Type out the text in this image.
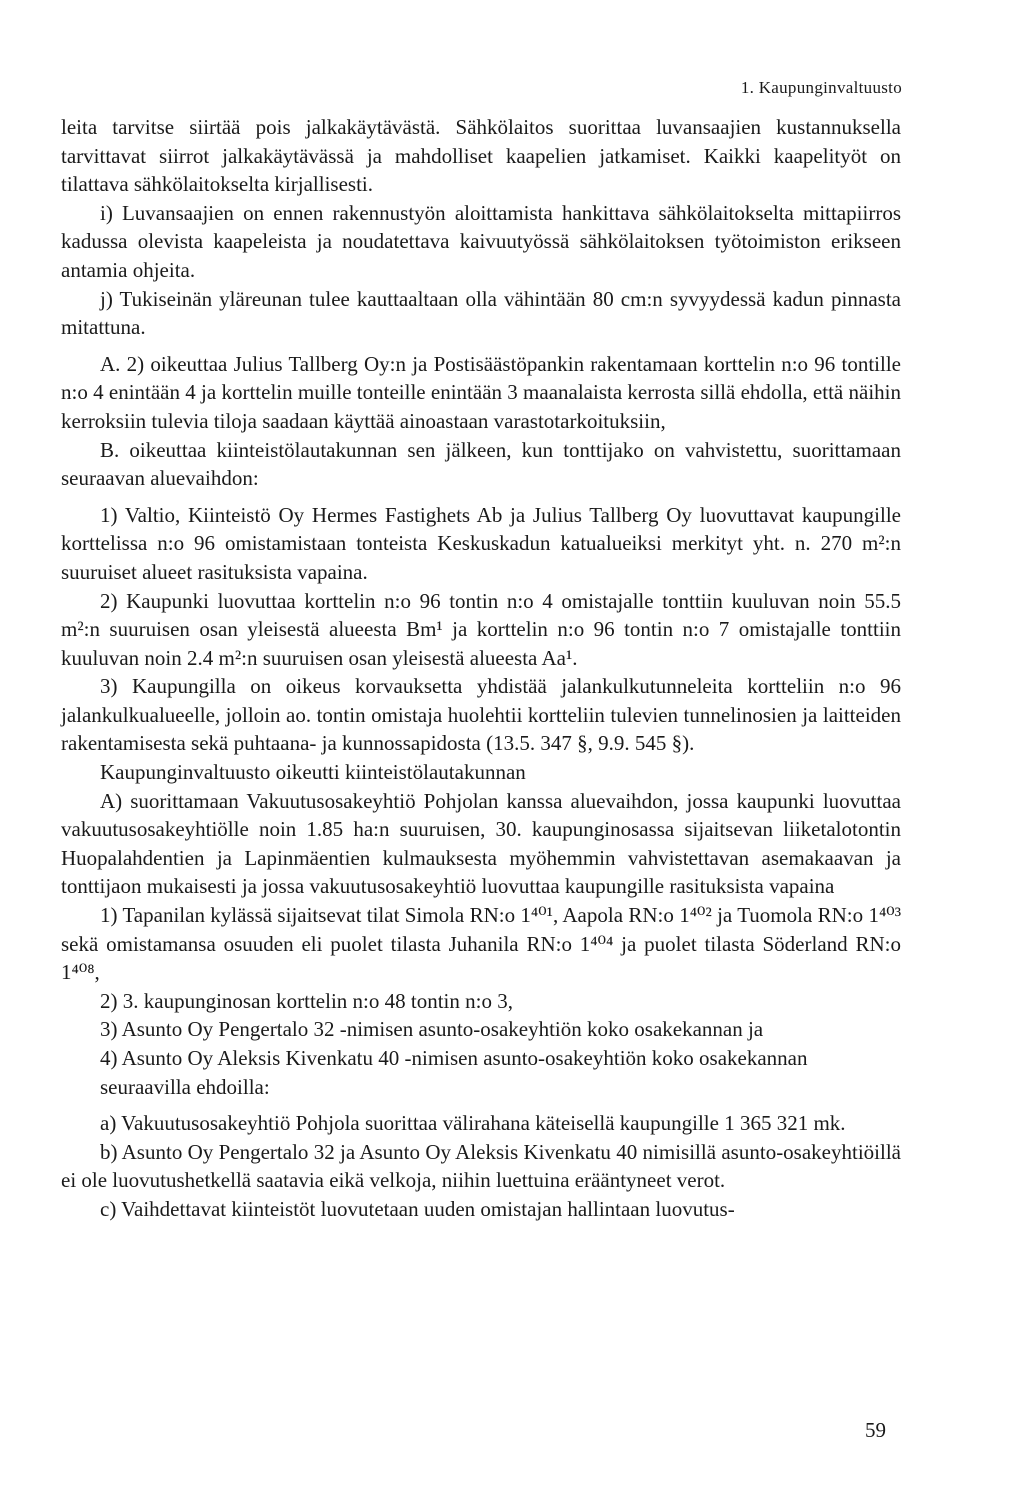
1. Kaupunginvaltuusto

leita tarvitse siirtää pois jalkakäytävästä. Sähkölaitos suorittaa luvansaajien kustannuksella tarvittavat siirrot jalkakäytävässä ja mahdolliset kaapelien jatkamiset. Kaikki kaapelityöt on tilattava sähkölaitokselta kirjallisesti.

i) Luvansaajien on ennen rakennustyön aloittamista hankittava sähkölaitokselta mittapiirros kadussa olevista kaapeleista ja noudatettava kaivuutyössä sähkölaitoksen työtoimiston erikseen antamia ohjeita.

j) Tukiseinän yläreunan tulee kauttaaltaan olla vähintään 80 cm:n syvyydessä kadun pinnasta mitattuna.

A. 2) oikeuttaa Julius Tallberg Oy:n ja Postisäästöpankin rakentamaan korttelin n:o 96 tontille n:o 4 enintään 4 ja korttelin muille tonteille enintään 3 maanalaista kerrosta sillä ehdolla, että näihin kerroksiin tulevia tiloja saadaan käyttää ainoastaan varastotarkoituksiin,

B. oikeuttaa kiinteistölautakunnan sen jälkeen, kun tonttijako on vahvistettu, suorittamaan seuraavan aluevaihdon:

1) Valtio, Kiinteistö Oy Hermes Fastighets Ab ja Julius Tallberg Oy luovuttavat kaupungille korttelissa n:o 96 omistamistaan tonteista Keskuskadun katualueiksi merkityt yht. n. 270 m²:n suuruiset alueet rasituksista vapaina.

2) Kaupunki luovuttaa korttelin n:o 96 tontin n:o 4 omistajalle tonttiin kuuluvan noin 55.5 m²:n suuruisen osan yleisestä alueesta Bm¹ ja korttelin n:o 96 tontin n:o 7 omistajalle tonttiin kuuluvan noin 2.4 m²:n suuruisen osan yleisestä alueesta Aa¹.

3) Kaupungilla on oikeus korvauksetta yhdistää jalankulkutunneleita kortteliin n:o 96 jalankulkualueelle, jolloin ao. tontin omistaja huolehtii kortteliin tulevien tunnelinosien ja laitteiden rakentamisesta sekä puhtaana- ja kunnossapidosta (13.5. 347 §, 9.9. 545 §).

Kaupunginvaltuusto oikeutti kiinteistölautakunnan

A) suorittamaan Vakuutusosakeyhtiö Pohjolan kanssa aluevaihdon, jossa kaupunki luovuttaa vakuutusosakeyhtiölle noin 1.85 ha:n suuruisen, 30. kaupunginosassa sijaitsevan liiketalotontin Huopalahdentien ja Lapinmäentien kulmauksesta myöhemmin vahvistettavan asemakaavan ja tonttijaon mukaisesti ja jossa vakuutusosakeyhtiö luovuttaa kaupungille rasituksista vapaina

1) Tapanilan kylässä sijaitsevat tilat Simola RN:o 1⁴⁰¹, Aapola RN:o 1⁴⁰² ja Tuomola RN:o 1⁴⁰³ sekä omistamansa osuuden eli puolet tilasta Juhanila RN:o 1⁴⁰⁴ ja puolet tilasta Söderland RN:o 1⁴⁰⁸,

2) 3. kaupunginosan korttelin n:o 48 tontin n:o 3,

3) Asunto Oy Pengertalo 32 -nimisen asunto-osakeyhtiön koko osakekannan ja

4) Asunto Oy Aleksis Kivenkatu 40 -nimisen asunto-osakeyhtiön koko osakekannan

seuraavilla ehdoilla:

a) Vakuutusosakeyhtiö Pohjola suorittaa välirahana käteisellä kaupungille 1 365 321 mk.

b) Asunto Oy Pengertalo 32 ja Asunto Oy Aleksis Kivenkatu 40 nimisillä asunto-osakeyhtiöillä ei ole luovutushetkellä saatavia eikä velkoja, niihin luettuina erääntyneet verot.

c) Vaihdettavat kiinteistöt luovutetaan uuden omistajan hallintaan luovutus-

59
